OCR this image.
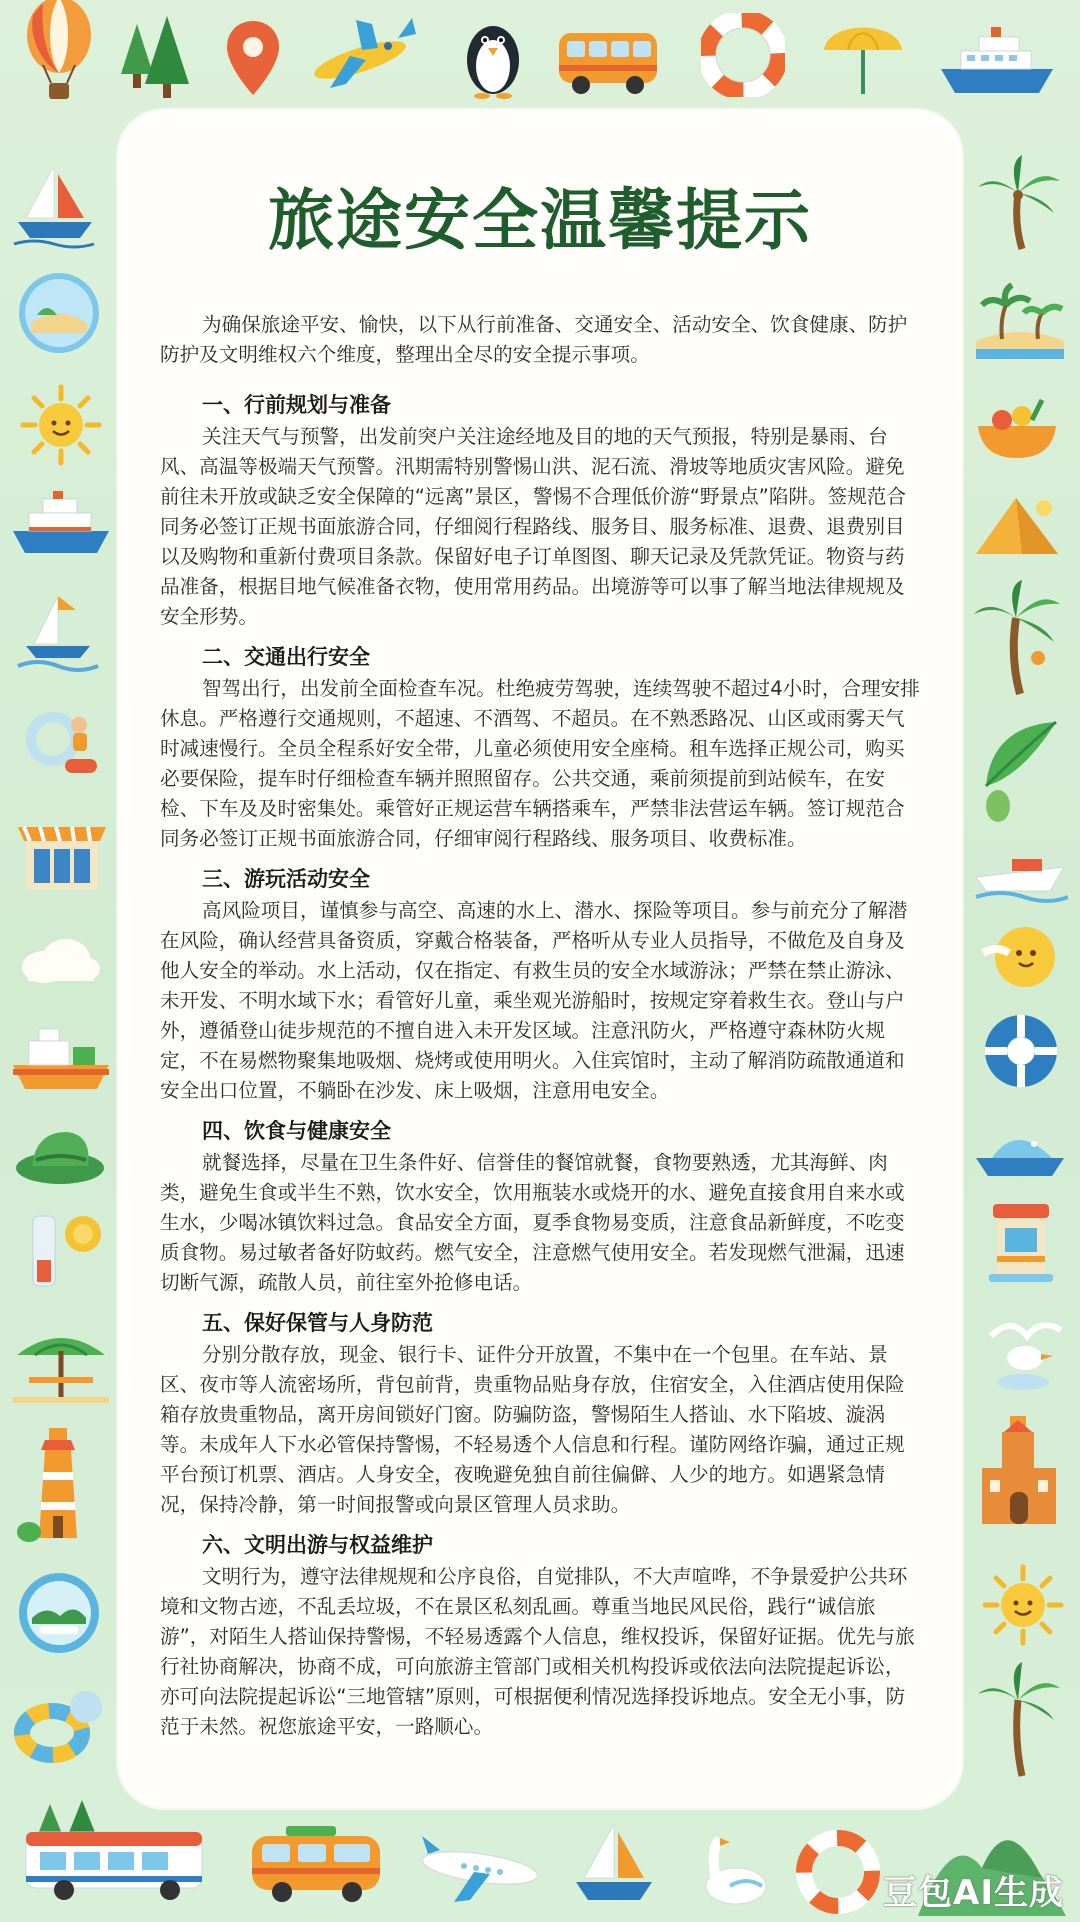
旅途安全温馨提示

为确保旅途平安、愉快，以下从行前准备、交通安全、活动安全、饮食健康、防护防护及文明维权六个维度，整理出全尽的安全提示事项。

一、行前规划与准备

关注天气与预警，出发前突户关注途经地及目的地的天气预报，特别是暴雨、台风、高温等极端天气预警。汛期需特别警惕山洪、泥石流、滑坡等地质灾害风险。避免前往未开放或缺乏安全保障的“远离”景区，警惕不合理低价游“野景点”陷阱。签规范合同务必签订正规书面旅游合同，仔细阅行程路线、服务目、服务标准、退费、退费别目以及购物和重新付费项目条款。保留好电子订单图图、聊天记录及凭款凭证。物资与药品准备，根据目地气候准备衣物，使用常用药品。出境游等可以事了解当地法律规规及安全形势。

二、交通出行安全

智驾出行，出发前全面检查车况。杜绝疲劳驾驶，连续驾驶不超过4小时，合理安排休息。严格遵行交通规则，不超速、不酒驾、不超员。在不熟悉路况、山区或雨雾天气时减速慢行。全员全程系好安全带，儿童必须使用安全座椅。租车选择正规公司，购买必要保险，提车时仔细检查车辆并照照留存。公共交通，乘前须提前到站候车，在安检、下车及及时密集处。乘管好正规运营车辆搭乘车，严禁非法营运车辆。签订规范合同务必签订正规书面旅游合同，仔细审阅行程路线、服务项目、收费标准。

三、游玩活动安全

高风险项目，谨慎参与高空、高速的水上、潜水、探险等项目。参与前充分了解潜在风险，确认经营具备资质，穿戴合格装备，严格听从专业人员指导，不做危及自身及他人安全的举动。水上活动，仅在指定、有救生员的安全水域游泳；严禁在禁止游泳、未开发、不明水域下水；看管好儿童，乘坐观光游船时，按规定穿着救生衣。登山与户外，遵循登山徒步规范的不擅自进入未开发区域。注意汛防火，严格遵守森林防火规定，不在易燃物聚集地吸烟、烧烤或使用明火。入住宾馆时，主动了解消防疏散通道和安全出口位置，不躺卧在沙发、床上吸烟，注意用电安全。

四、饮食与健康安全

就餐选择，尽量在卫生条件好、信誉佳的餐馆就餐，食物要熟透，尤其海鲜、肉类，避免生食或半生不熟，饮水安全，饮用瓶装水或烧开的水、避免直接食用自来水或生水，少喝冰镇饮料过急。食品安全方面，夏季食物易变质，注意食品新鲜度，不吃变质食物。易过敏者备好防蚊药。燃气安全，注意燃气使用安全。若发现燃气泄漏，迅速切断气源，疏散人员，前往室外抢修电话。

五、保好保管与人身防范

分别分散存放，现金、银行卡、证件分开放置，不集中在一个包里。在车站、景区、夜市等人流密场所，背包前背，贵重物品贴身存放，住宿安全，入住酒店使用保险箱存放贵重物品，离开房间锁好门窗。防骗防盗，警惕陌生人搭讪、水下陷坡、漩涡等。未成年人下水必管保持警惕，不轻易透个人信息和行程。谨防网络诈骗，通过正规平台预订机票、酒店。人身安全，夜晚避免独自前往偏僻、人少的地方。如遇紧急情况，保持冷静，第一时间报警或向景区管理人员求助。

六、文明出游与权益维护

文明行为，遵守法律规规和公序良俗，自觉排队，不大声喧哗，不争景爱护公共环境和文物古迹，不乱丢垃圾，不在景区私刻乱画。尊重当地民风民俗，践行“诚信旅游”，对陌生人搭讪保持警惕，不轻易透露个人信息，维权投诉，保留好证据。优先与旅行社协商解决，协商不成，可向旅游主管部门或相关机构投诉或依法向法院提起诉讼，亦可向法院提起诉讼“三地管辖”原则，可根据便利情况选择投诉地点。安全无小事，防范于未然。祝您旅途平安，一路顺心。

豆包AI生成
